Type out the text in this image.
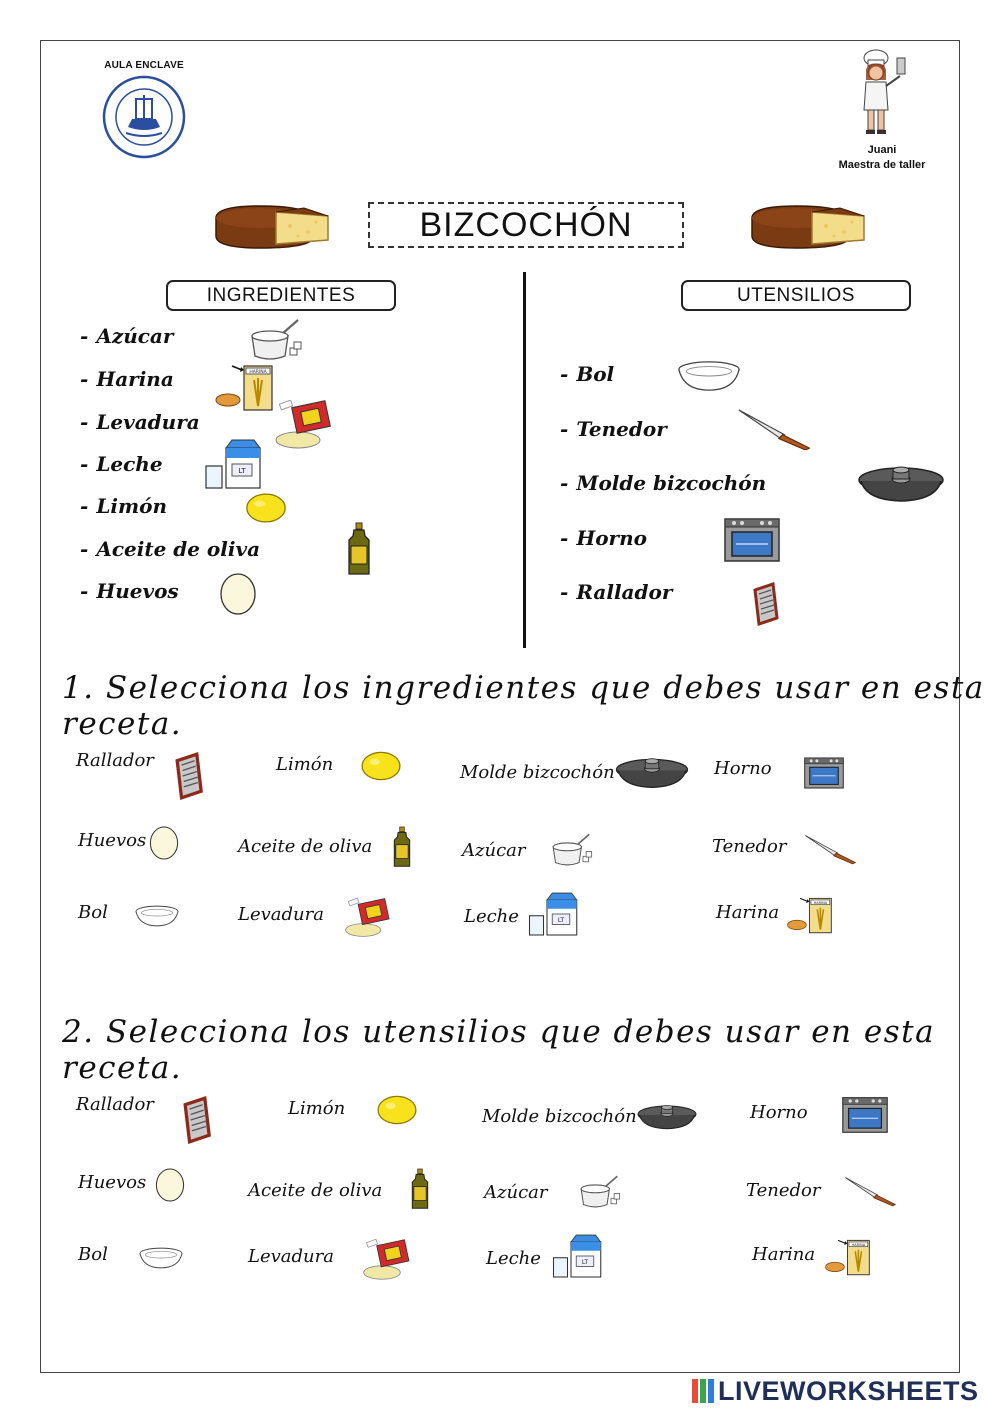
AULA ENCLAVE
Juani
Maestra de taller
BIZCOCHÓN
INGREDIENTES	UTENSILIOS
- Azúcar
- Harina
- Levadura
- Leche
- Limón
- Aceite de oliva
- Huevos
- Bol
- Tenedor
- Molde bizcochón
- Horno
- Rallador
1. Selecciona los ingredientes que debes usar en esta receta.
Rallador	Limón	Molde bizcochón	Horno
Huevos	Aceite de oliva	Azúcar	Tenedor
Bol	Levadura	Leche	Harina
2. Selecciona los utensilios que debes usar en esta receta.
Rallador	Limón	Molde bizcochón	Horno
Huevos	Aceite de oliva	Azúcar	Tenedor
Bol	Levadura	Leche	Harina
LIVEWORKSHEETS
